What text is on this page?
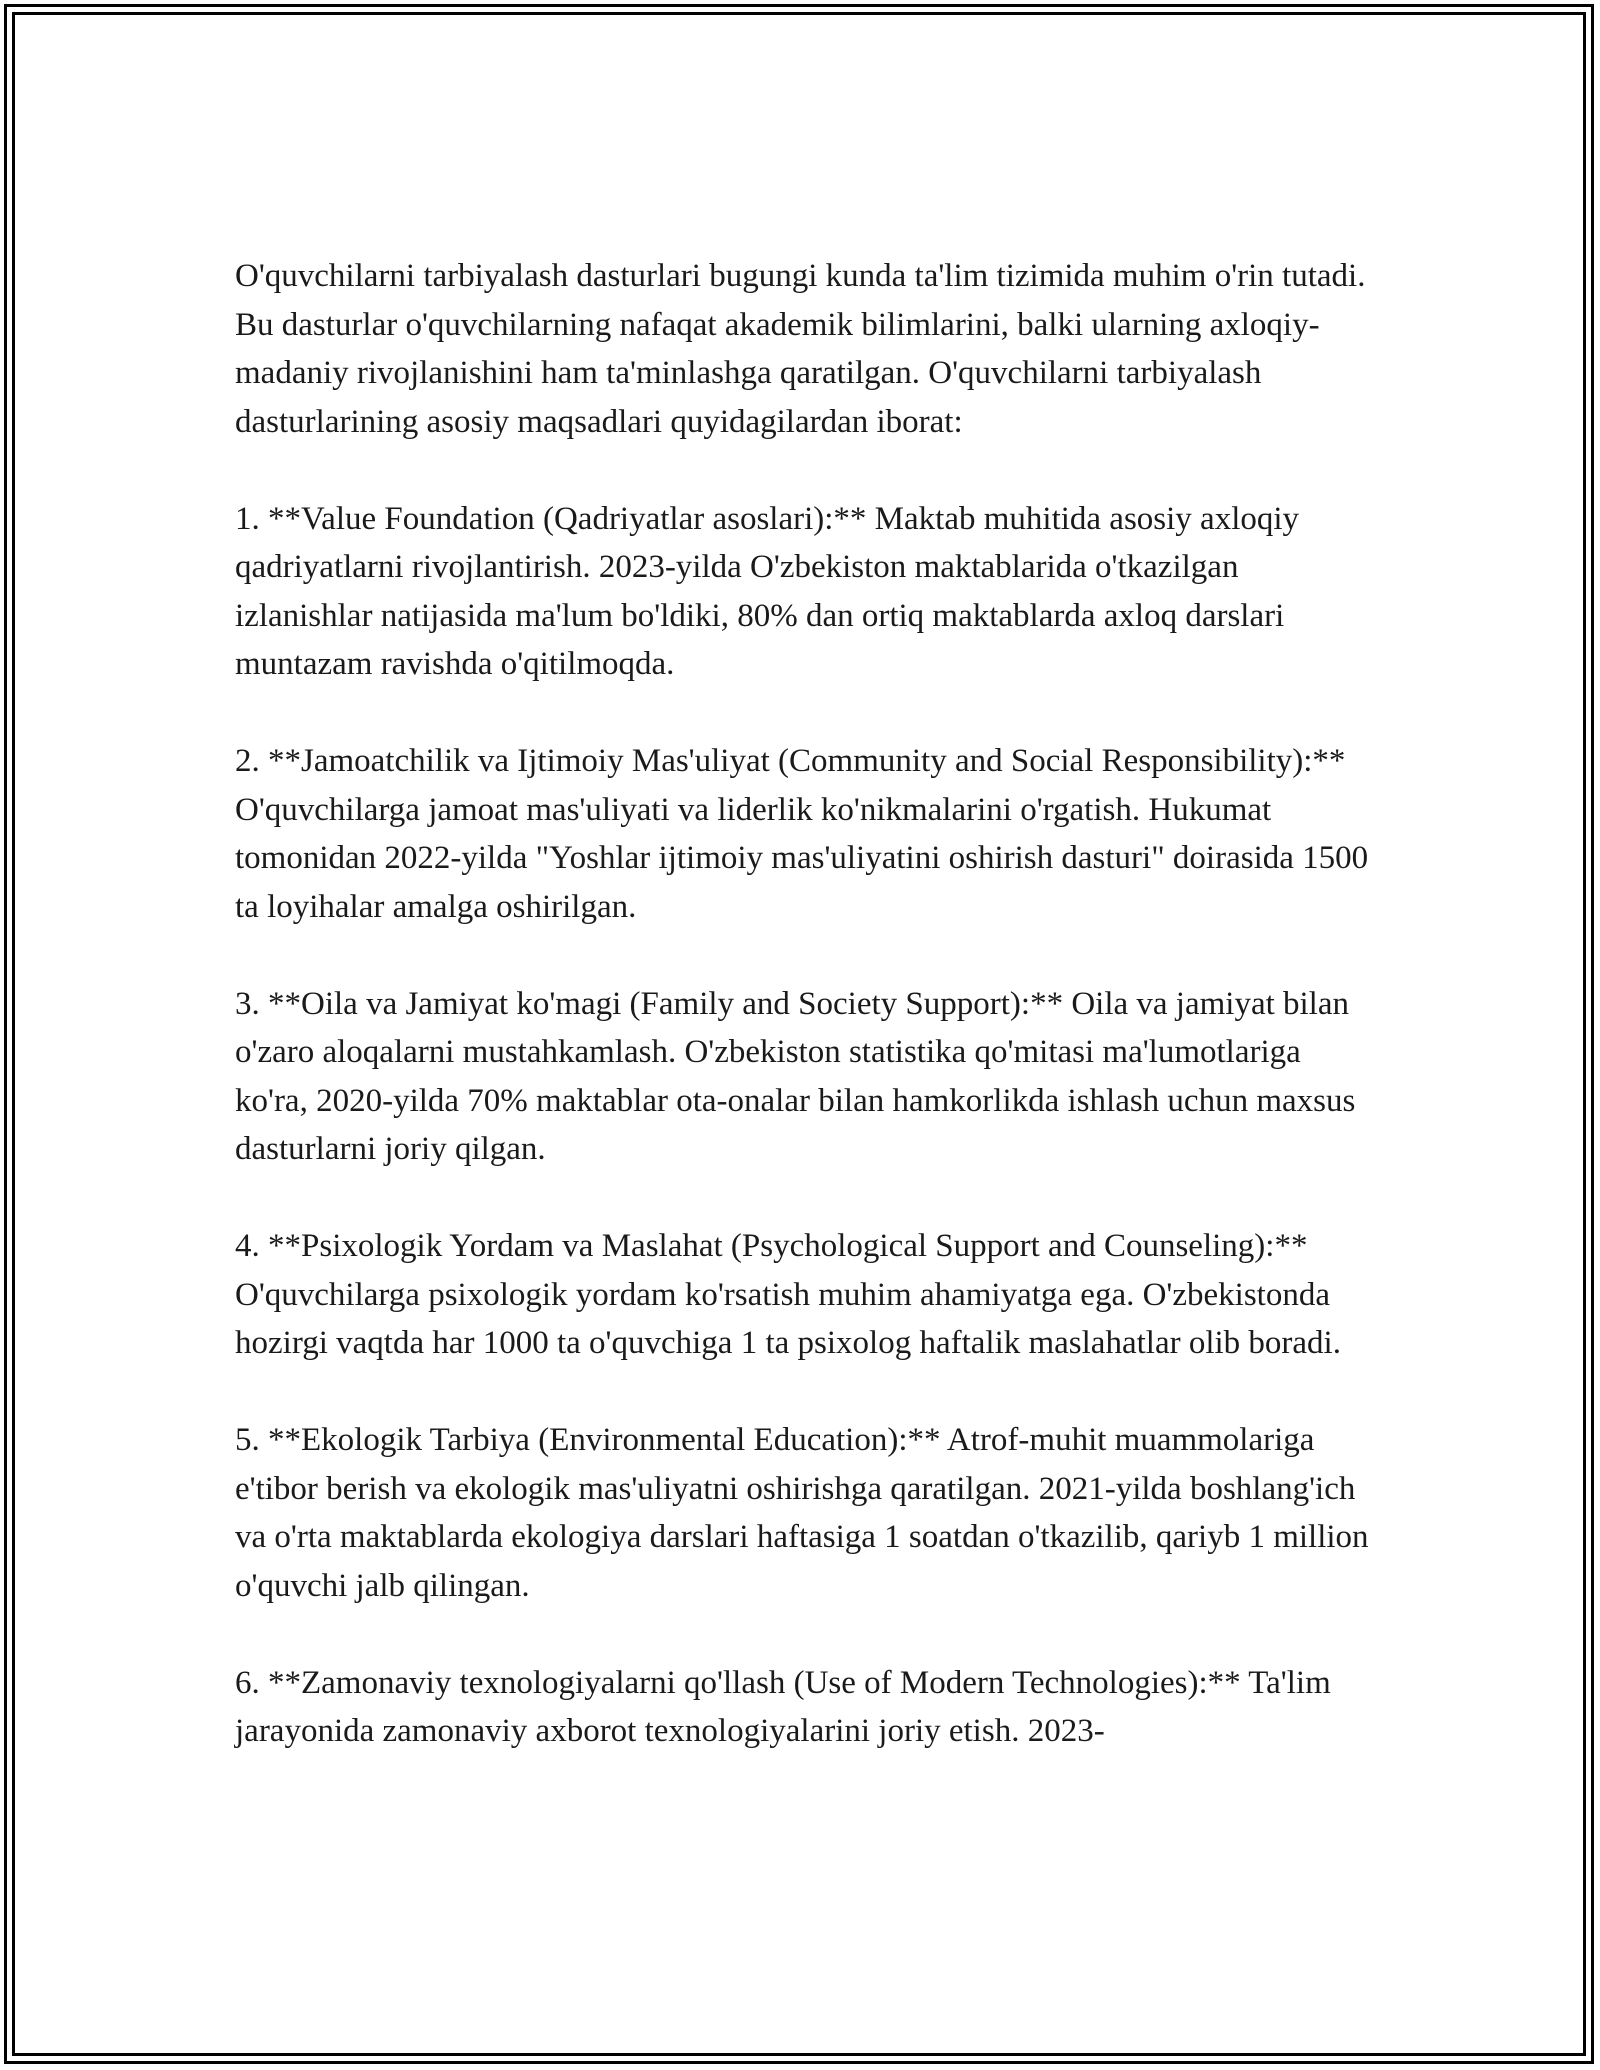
O'quvchilarni tarbiyalash dasturlari bugungi kunda ta'lim tizimida muhim o'rin tutadi. Bu dasturlar o'quvchilarning nafaqat akademik bilimlarini, balki ularning axloqiy-madaniy rivojlanishini ham ta'minlashga qaratilgan. O'quvchilarni tarbiyalash dasturlarining asosiy maqsadlari quyidagilardan iborat:

1. **Value Foundation (Qadriyatlar asoslari):** Maktab muhitida asosiy axloqiy qadriyatlarni rivojlantirish. 2023-yilda O'zbekiston maktablarida o'tkazilgan izlanishlar natijasida ma'lum bo'ldiki, 80% dan ortiq maktablarda axloq darslari muntazam ravishda o'qitilmoqda.

2. **Jamoatchilik va Ijtimoiy Mas'uliyat (Community and Social Responsibility):** O'quvchilarga jamoat mas'uliyati va liderlik ko'nikmalarini o'rgatish. Hukumat tomonidan 2022-yilda "Yoshlar ijtimoiy mas'uliyatini oshirish dasturi" doirasida 1500 ta loyihalar amalga oshirilgan.

3. **Oila va Jamiyat ko'magi (Family and Society Support):** Oila va jamiyat bilan o'zaro aloqalarni mustahkamlash. O'zbekiston statistika qo'mitasi ma'lumotlariga ko'ra, 2020-yilda 70% maktablar ota-onalar bilan hamkorlikda ishlash uchun maxsus dasturlarni joriy qilgan.

4. **Psixologik Yordam va Maslahat (Psychological Support and Counseling):** O'quvchilarga psixologik yordam ko'rsatish muhim ahamiyatga ega. O'zbekistonda hozirgi vaqtda har 1000 ta o'quvchiga 1 ta psixolog haftalik maslahatlar olib boradi.

5. **Ekologik Tarbiya (Environmental Education):** Atrof-muhit muammolariga e'tibor berish va ekologik mas'uliyatni oshirishga qaratilgan. 2021-yilda boshlang'ich va o'rta maktablarda ekologiya darslari haftasiga 1 soatdan o'tkazilib, qariyb 1 million o'quvchi jalb qilingan.

6. **Zamonaviy texnologiyalarni qo'llash (Use of Modern Technologies):** Ta'lim jarayonida zamonaviy axborot texnologiyalarini joriy etish. 2023-
